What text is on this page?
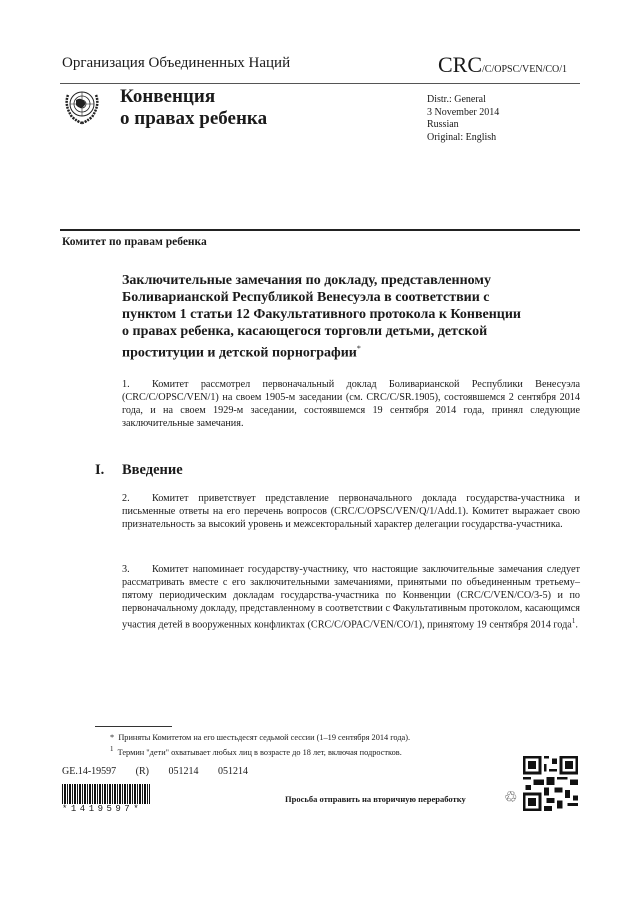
Организация Объединенных Наций	CRC/C/OPSC/VEN/CO/1
Конвенция
о правах ребенка
Distr.: General
3 November 2014
Russian
Original: English
Комитет по правам ребенка
Заключительные замечания по докладу, представленному Боливарианской Республикой Венесуэла в соответствии с пунктом 1 статьи 12 Факультативного протокола к Конвенции о правах ребенка, касающегося торговли детьми, детской проституции и детской порнографии*
1. Комитет рассмотрел первоначальный доклад Боливарианской Республики Венесуэла (CRC/C/OPSC/VEN/1) на своем 1905-м заседании (см. CRC/C/SR.1905), состоявшемся 2 сентября 2014 года, и на своем 1929-м заседании, состоявшемся 19 сентября 2014 года, принял следующие заключительные замечания.
I. Введение
2. Комитет приветствует представление первоначального доклада государства-участника и письменные ответы на его перечень вопросов (CRC/C/OPSC/VEN/Q/1/Add.1). Комитет выражает свою признательность за высокий уровень и межсекторальный характер делегации государства-участника.
3. Комитет напоминает государству-участнику, что настоящие заключительные замечания следует рассматривать вместе с его заключительными замечаниями, принятыми по объединенным третьему–пятому периодическим докладам государства-участника по Конвенции (CRC/C/VEN/CO/3-5) и по первоначальному докладу, представленному в соответствии с Факультативным протоколом, касающимся участия детей в вооруженных конфликтах (CRC/C/OPAC/VEN/CO/1), принятому 19 сентября 2014 года$^1$.
* Приняты Комитетом на его шестьдесят седьмой сессии (1–19 сентября 2014 года).
$^1$ Термин "дети" охватывает любых лиц в возрасте до 18 лет, включая подростков.
GE.14-19597   (R)   051214   051214
*1419597*
Просьба отправить на вторичную переработку	♲
